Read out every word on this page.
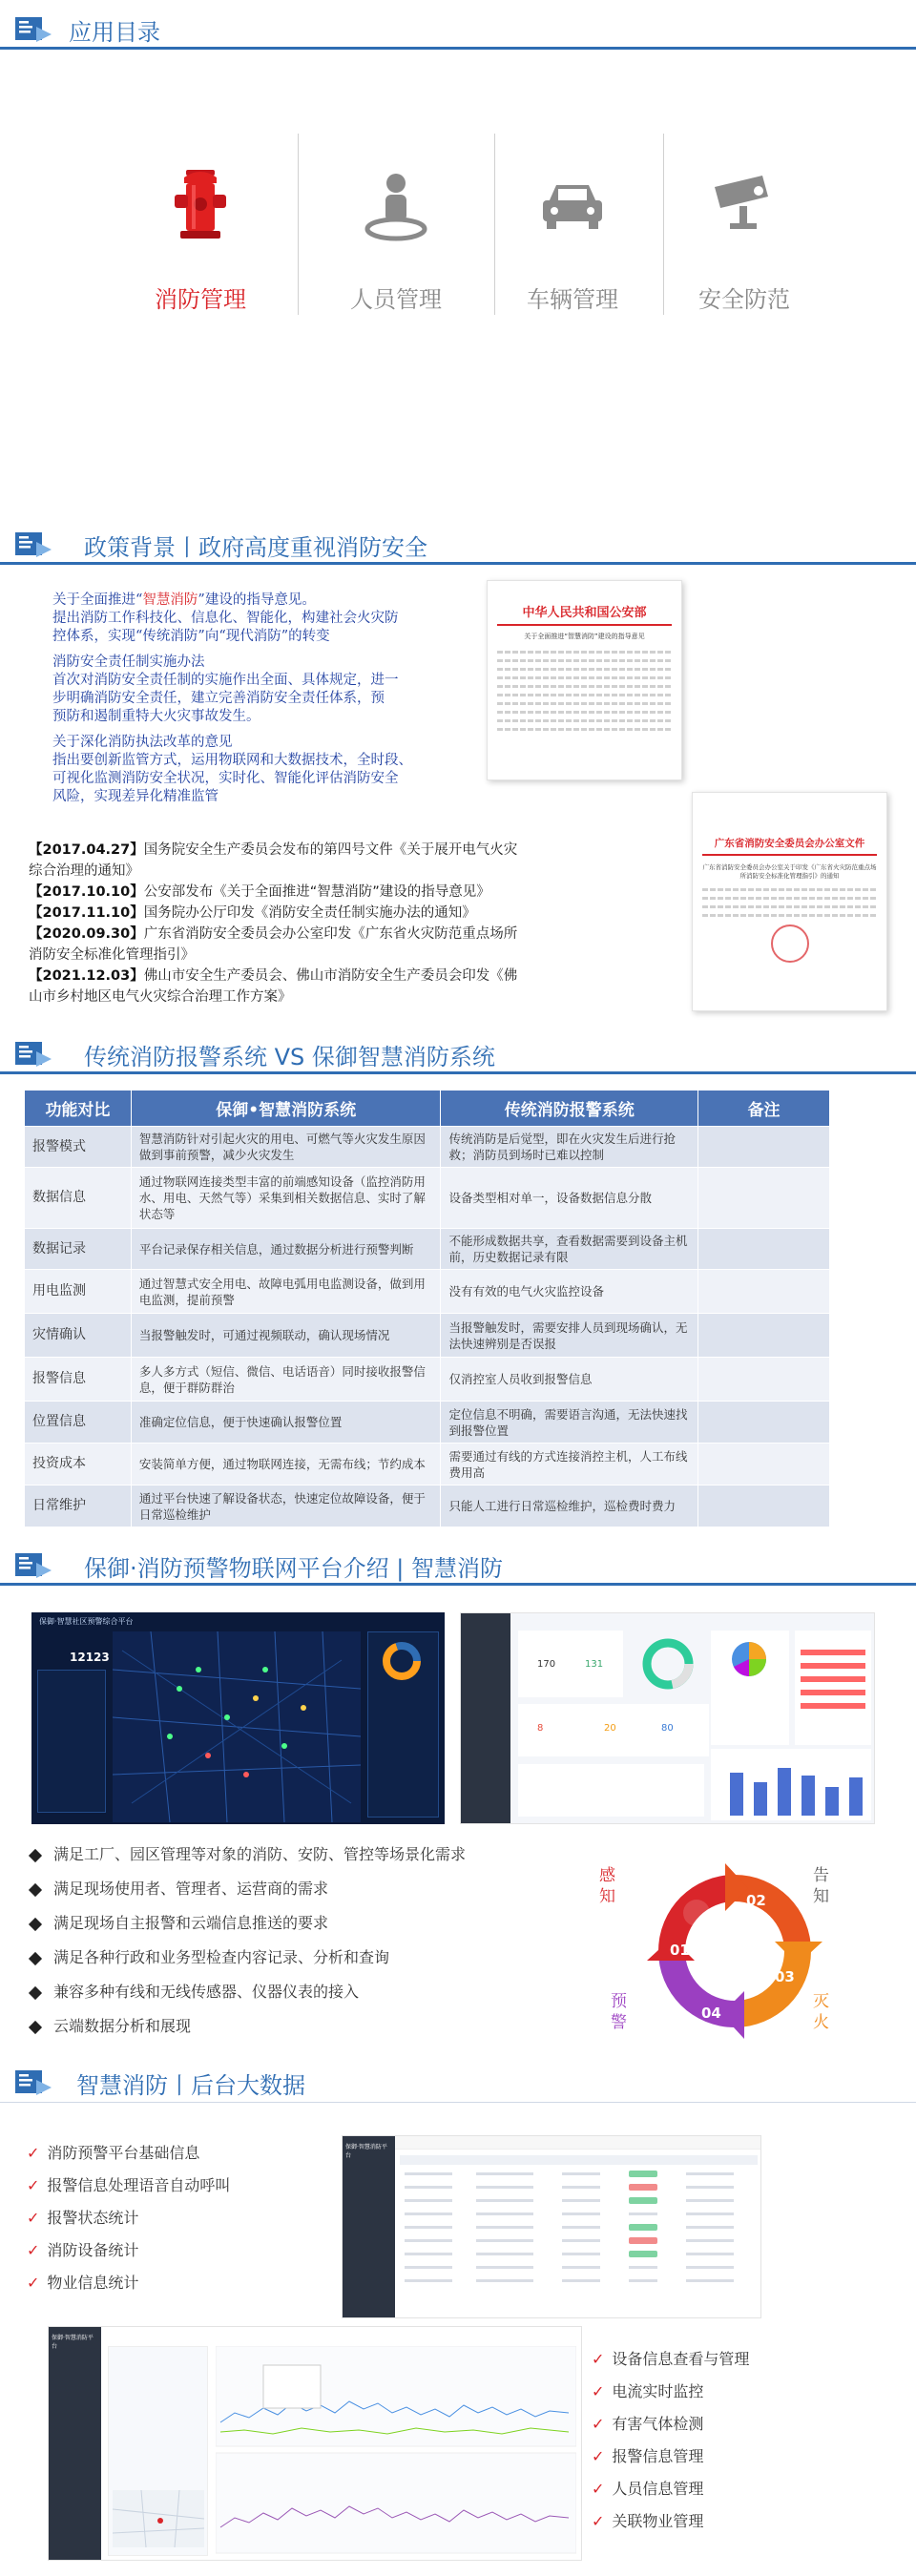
应用目录
消防管理	人员管理	车辆管理	安全防范
政策背景丨政府高度重视消防安全
关于全面推进“智慧消防”建设的指导意见。
提出消防工作科技化、信息化、智能化，构建社会火灾防
控体系，实现“传统消防”向“现代消防”的转变
消防安全责任制实施办法
首次对消防安全责任制的实施作出全面、具体规定，进一
步明确消防安全责任，建立完善消防安全责任体系，预
预防和遏制重特大火灾事故发生。
关于深化消防执法改革的意见
指出要创新监管方式，运用物联网和大数据技术，全时段、
可视化监测消防安全状况，实时化、智能化评估消防安全
风险，实现差异化精准监管
中华人民共和国公安部
关于全面推进“智慧消防”建设的指导意见
广东省消防安全委员会办公室文件
广东省消防安全委员会办公室关于印发《广东省火灾防范重点场所消防安全标准化管理指引》的通知
【2017.04.27】国务院安全生产委员会发布的第四号文件《关于展开电气火灾
综合治理的通知》
【2017.10.10】公安部发布《关于全面推进“智慧消防”建设的指导意见》
【2017.11.10】国务院办公厅印发《消防安全责任制实施办法的通知》
【2020.09.30】广东省消防安全委员会办公室印发《广东省火灾防范重点场所
消防安全标准化管理指引》
【2021.12.03】佛山市安全生产委员会、佛山市消防安全生产委员会印发《佛
山市乡村地区电气火灾综合治理工作方案》
传统消防报警系统 VS 保御智慧消防系统
功能对比	保御•智慧消防系统	传统消防报警系统	备注
报警模式	智慧消防针对引起火灾的用电、可燃气等火灾发生原因做到事前预警，减少火灾发生	传统消防是后觉型，即在火灾发生后进行抢救；消防员到场时已难以控制	
数据信息	通过物联网连接类型丰富的前端感知设备（监控消防用水、用电、天然气等）采集到相关数据信息、实时了解状态等	设备类型相对单一，设备数据信息分散	
数据记录	平台记录保存相关信息，通过数据分析进行预警判断	不能形成数据共享，查看数据需要到设备主机前，历史数据记录有限	
用电监测	通过智慧式安全用电、故障电弧用电监测设备，做到用电监测，提前预警	没有有效的电气火灾监控设备	
灾情确认	当报警触发时，可通过视频联动，确认现场情况	当报警触发时，需要安排人员到现场确认，无法快速辨别是否误报	
报警信息	多人多方式（短信、微信、电话语音）同时接收报警信息，便于群防群治	仅消控室人员收到报警信息	
位置信息	准确定位信息，便于快速确认报警位置	定位信息不明确，需要语言沟通，无法快速找到报警位置	
投资成本	安装简单方便，通过物联网连接，无需布线；节约成本	需要通过有线的方式连接消控主机，人工布线费用高	
日常维护	通过平台快速了解设备状态，快速定位故障设备，便于日常巡检维护	只能人工进行日常巡检维护，巡检费时费力	
保御·消防预警物联网平台介绍 | 智慧消防
保御·智慧社区预警综合平台
12123
170	131
8	20	80
满足工厂、园区管理等对象的消防、安防、管控等场景化需求
满足现场使用者、管理者、运营商的需求
满足现场自主报警和云端信息推送的要求
满足各种行政和业务型检查内容记录、分析和查询
兼容多种有线和无线传感器、仪器仪表的接入
云端数据分析和展现
02
01
03
04
感知
告知
预警
灭火
智慧消防丨后台大数据
✓ 消防预警平台基础信息
✓ 报警信息处理语音自动呼叫
✓ 报警状态统计
✓ 消防设备统计
✓ 物业信息统计
保御·智慧消防平台
保御·智慧消防平台
✓ 设备信息查看与管理
✓ 电流实时监控
✓ 有害气体检测
✓ 报警信息管理
✓ 人员信息管理
✓ 关联物业管理
